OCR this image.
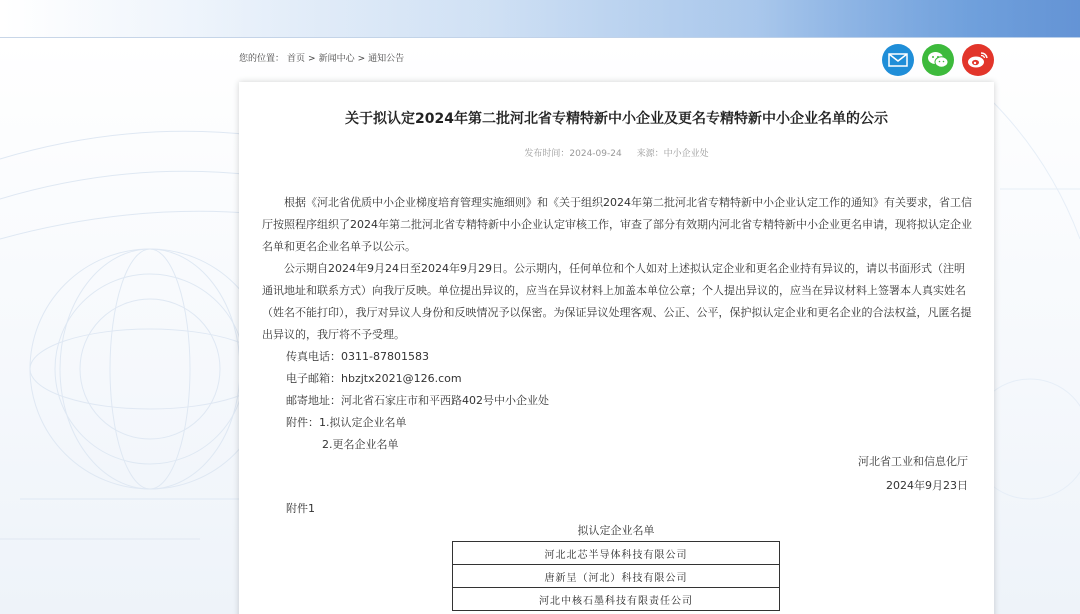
您的位置： 首页 > 新闻中心 > 通知公告
关于拟认定2024年第二批河北省专精特新中小企业及更名专精特新中小企业名单的公示
发布时间：2024-09-24 来源：中小企业处

根据《河北省优质中小企业梯度培育管理实施细则》和《关于组织2024年第二批河北省专精特新中小企业认定工作的通知》有关要求，省工信厅按照程序组织了2024年第二批河北省专精特新中小企业认定审核工作，审查了部分有效期内河北省专精特新中小企业更名申请，现将拟认定企业名单和更名企业名单予以公示。

公示期自2024年9月24日至2024年9月29日。公示期内，任何单位和个人如对上述拟认定企业和更名企业持有异议的，请以书面形式（注明通讯地址和联系方式）向我厅反映。单位提出异议的，应当在异议材料上加盖本单位公章；个人提出异议的，应当在异议材料上签署本人真实姓名（姓名不能打印），我厅对异议人身份和反映情况予以保密。为保证异议处理客观、公正、公平，保护拟认定企业和更名企业的合法权益，凡匿名提出异议的，我厅将不予受理。

传真电话：0311-87801583

电子邮箱：hbzjtx2021@126.com

邮寄地址：河北省石家庄市和平西路402号中小企业处

附件：1.拟认定企业名单

2.更名企业名单

河北省工业和信息化厅
2024年9月23日
附件1
拟认定企业名单
河北北芯半导体科技有限公司
唐新呈（河北）科技有限公司
河北中核石墨科技有限责任公司
